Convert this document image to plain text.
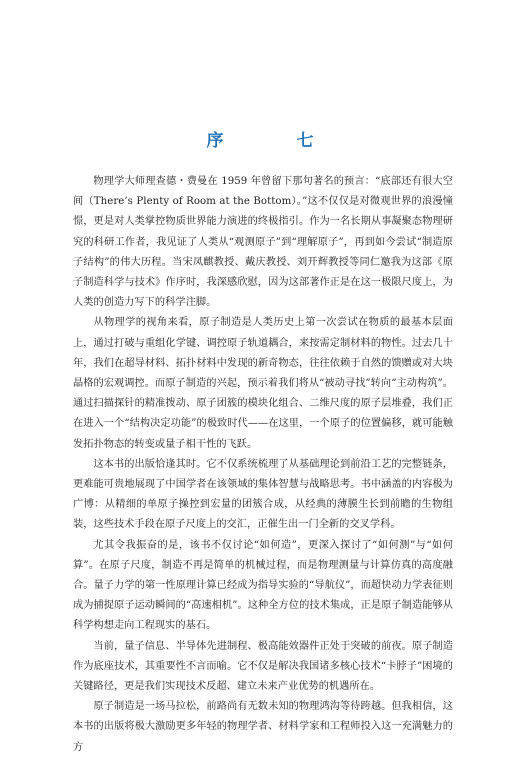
序　七

物理学大师理查德・费曼在 1959 年曾留下那句著名的预言：“底部还有很大空间（There’s Plenty of Room at the Bottom）。”这不仅仅是对微观世界的浪漫憧憬，更是对人类掌控物质世界能力演进的终极指引。作为一名长期从事凝聚态物理研究的科研工作者，我见证了人类从“观测原子”到“理解原子”，再到如今尝试“制造原子结构”的伟大历程。当宋凤麒教授、戴庆教授、刘开辉教授等同仁邀我为这部《原子制造科学与技术》作序时，我深感欣慰，因为这部著作正是在这一极限尺度上，为人类的创造力写下的科学注脚。

从物理学的视角来看，原子制造是人类历史上第一次尝试在物质的最基本层面上，通过打破与重组化学键、调控原子轨道耦合，来按需定制材料的物性。过去几十年，我们在超导材料、拓扑材料中发现的新奇物态，往往依赖于自然的馈赠或对大块晶格的宏观调控。而原子制造的兴起，预示着我们将从“被动寻找”转向“主动构筑”。通过扫描探针的精准拨动、原子团簇的模块化组合、二维尺度的原子层堆叠，我们正在进入一个“结构决定功能”的极致时代——在这里，一个原子的位置偏移，就可能触发拓扑物态的转变或量子相干性的飞跃。

这本书的出版恰逢其时。它不仅系统梳理了从基础理论到前沿工艺的完整链条，更难能可贵地展现了中国学者在该领域的集体智慧与战略思考。书中涵盖的内容极为广博：从精细的单原子操控到宏量的团簇合成，从经典的薄膜生长到前瞻的生物组装，这些技术手段在原子尺度上的交汇，正催生出一门全新的交叉学科。

尤其令我振奋的是，该书不仅讨论“如何造”，更深入探讨了“如何测”与“如何算”。在原子尺度，制造不再是简单的机械过程，而是物理测量与计算仿真的高度融合。量子力学的第一性原理计算已经成为指导实验的“导航仪”，而超快动力学表征则成为捕捉原子运动瞬间的“高速相机”。这种全方位的技术集成，正是原子制造能够从科学构想走向工程现实的基石。

当前，量子信息、半导体先进制程、极高能效器件正处于突破的前夜。原子制造作为底座技术，其重要性不言而喻。它不仅是解决我国诸多核心技术“卡脖子”困境的关键路径，更是我们实现技术反超、建立未来产业优势的机遇所在。

原子制造是一场马拉松，前路尚有无数未知的物理鸿沟等待跨越。但我相信，这本书的出版将极大激励更多年轻的物理学者、材料学家和工程师投入这一充满魅力的方
